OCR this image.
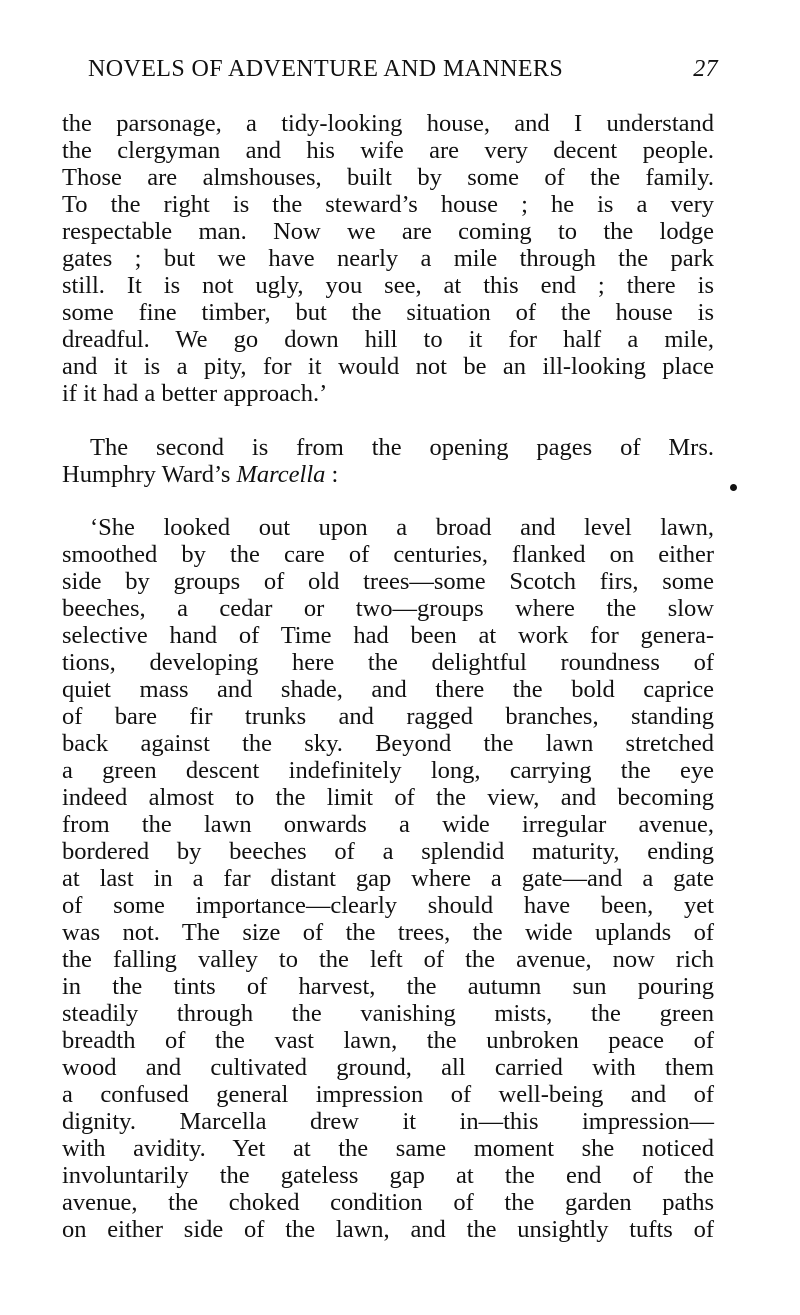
NOVELS OF ADVENTURE AND MANNERS	27
the parsonage, a tidy-looking house, and I understand
the clergyman and his wife are very decent people.
Those are almshouses, built by some of the family.
To the right is the steward’s house ; he is a very
respectable man. Now we are coming to the lodge
gates ; but we have nearly a mile through the park
still. It is not ugly, you see, at this end ; there is
some fine timber, but the situation of the house is
dreadful. We go down hill to it for half a mile,
and it is a pity, for it would not be an ill-looking place
if it had a better approach.’
The second is from the opening pages of Mrs.
Humphry Ward’s Marcella :
‘She looked out upon a broad and level lawn,
smoothed by the care of centuries, flanked on either
side by groups of old trees—some Scotch firs, some
beeches, a cedar or two—groups where the slow
selective hand of Time had been at work for genera-
tions, developing here the delightful roundness of
quiet mass and shade, and there the bold caprice
of bare fir trunks and ragged branches, standing
back against the sky. Beyond the lawn stretched
a green descent indefinitely long, carrying the eye
indeed almost to the limit of the view, and becoming
from the lawn onwards a wide irregular avenue,
bordered by beeches of a splendid maturity, ending
at last in a far distant gap where a gate—and a gate
of some importance—clearly should have been, yet
was not. The size of the trees, the wide uplands of
the falling valley to the left of the avenue, now rich
in the tints of harvest, the autumn sun pouring
steadily through the vanishing mists, the green
breadth of the vast lawn, the unbroken peace of
wood and cultivated ground, all carried with them
a confused general impression of well-being and of
dignity. Marcella drew it in—this impression—
with avidity. Yet at the same moment she noticed
involuntarily the gateless gap at the end of the
avenue, the choked condition of the garden paths
on either side of the lawn, and the unsightly tufts of
